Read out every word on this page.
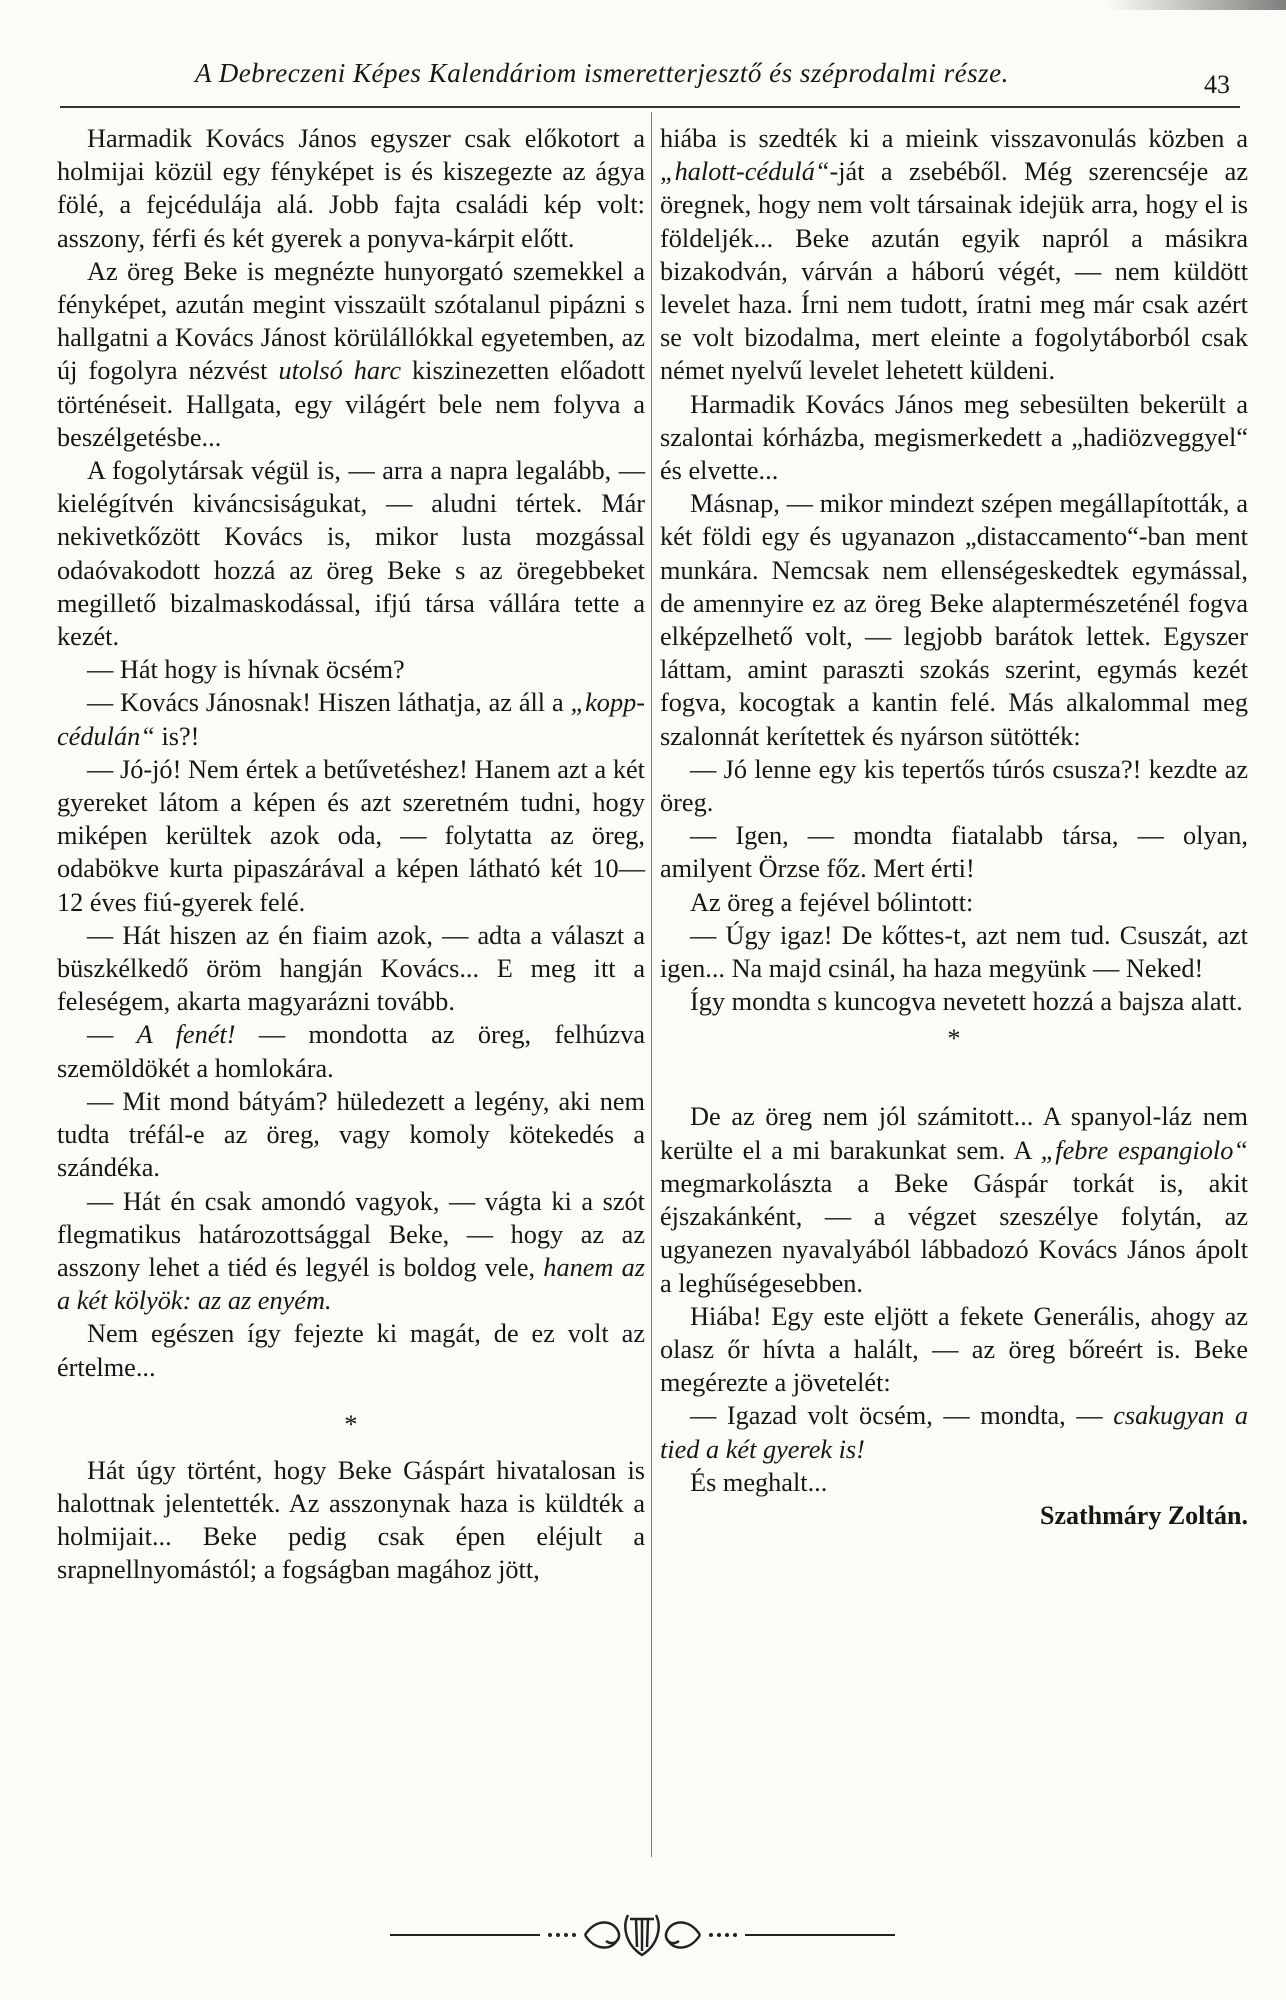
A Debreczeni Képes Kalendáriom ismeretterjesztő és széprodalmi része.	43

Harmadik Kovács János egyszer csak előkotort a holmijai közül egy fényképet is és kiszegezte az ágya fölé, a fejcédulája alá. Jobb fajta családi kép volt: asszony, férfi és két gyerek a ponyva-kárpit előtt.

Az öreg Beke is megnézte hunyorgató szemekkel a fényképet, azután megint visszaült szótalanul pipázni s hallgatni a Kovács Jánost körülállókkal egyetemben, az új fogolyra nézvést utolsó harc kiszinezetten előadott történéseit. Hallgata, egy világért bele nem folyva a beszélgetésbe...

A fogolytársak végül is, — arra a napra legalább, — kielégítvén kiváncsiságukat, — aludni tértek. Már nekivetkőzött Kovács is, mikor lusta mozgással odaóvakodott hozzá az öreg Beke s az öregebbeket megillető bizalmaskodással, ifjú társa vállára tette a kezét.

— Hát hogy is hívnak öcsém?

— Kovács Jánosnak! Hiszen láthatja, az áll a „kopp-cédulán“ is?!

— Jó-jó! Nem értek a betűvetéshez! Hanem azt a két gyereket látom a képen és azt szeretném tudni, hogy miképen kerültek azok oda, — folytatta az öreg, odabökve kurta pipaszárával a képen látható két 10—12 éves fiú-gyerek felé.

— Hát hiszen az én fiaim azok, — adta a választ a büszkélkedő öröm hangján Kovács... E meg itt a feleségem, akarta magyarázni tovább.

— A fenét! — mondotta az öreg, felhúzva szemöldökét a homlokára.

— Mit mond bátyám? hüledezett a legény, aki nem tudta tréfál-e az öreg, vagy komoly kötekedés a szándéka.

— Hát én csak amondó vagyok, — vágta ki a szót flegmatikus határozottsággal Beke, — hogy az az asszony lehet a tiéd és legyél is boldog vele, hanem az a két kölyök: az az enyém.

Nem egészen így fejezte ki magát, de ez volt az értelme...

*

Hát úgy történt, hogy Beke Gáspárt hivatalosan is halottnak jelentették. Az asszonynak haza is küldték a holmijait... Beke pedig csak épen eléjult a srapnellnyomástól; a fogságban magához jött,

hiába is szedték ki a mieink visszavonulás közben a „halott-cédulá“-ját a zsebéből. Még szerencséje az öregnek, hogy nem volt társainak idejük arra, hogy el is földeljék... Beke azután egyik napról a másikra bizakodván, várván a háború végét, — nem küldött levelet haza. Írni nem tudott, íratni meg már csak azért se volt bizodalma, mert eleinte a fogolytáborból csak német nyelvű levelet lehetett küldeni.

Harmadik Kovács János meg sebesülten bekerült a szalontai kórházba, megismerkedett a „hadiözveggyel“ és elvette...

Másnap, — mikor mindezt szépen megállapították, a két földi egy és ugyanazon „distaccamento“-ban ment munkára. Nemcsak nem ellenségeskedtek egymással, de amennyire ez az öreg Beke alaptermészeténél fogva elképzelhető volt, — legjobb barátok lettek. Egyszer láttam, amint paraszti szokás szerint, egymás kezét fogva, kocogtak a kantin felé. Más alkalommal meg szalonnát kerítettek és nyárson sütötték:

— Jó lenne egy kis tepertős túrós csusza?! kezdte az öreg.

— Igen, — mondta fiatalabb társa, — olyan, amilyent Örzse főz. Mert érti!

Az öreg a fejével bólintott:

— Úgy igaz! De kőttes-t, azt nem tud. Csuszát, azt igen... Na majd csinál, ha haza megyünk — Neked!

Így mondta s kuncogva nevetett hozzá a bajsza alatt.

*

De az öreg nem jól számitott... A spanyol-láz nem kerülte el a mi barakunkat sem. A „febre espangiolo“ megmarkolászta a Beke Gáspár torkát is, akit éjszakánként, — a végzet szeszélye folytán, az ugyanezen nyavalyából lábbadozó Kovács János ápolt a leghűségesebben.

Hiába! Egy este eljött a fekete Generális, ahogy az olasz őr hívta a halált, — az öreg bőreért is. Beke megérezte a jövetelét:

— Igazad volt öcsém, — mondta, — csakugyan a tied a két gyerek is!

És meghalt...

Szathmáry Zoltán.
